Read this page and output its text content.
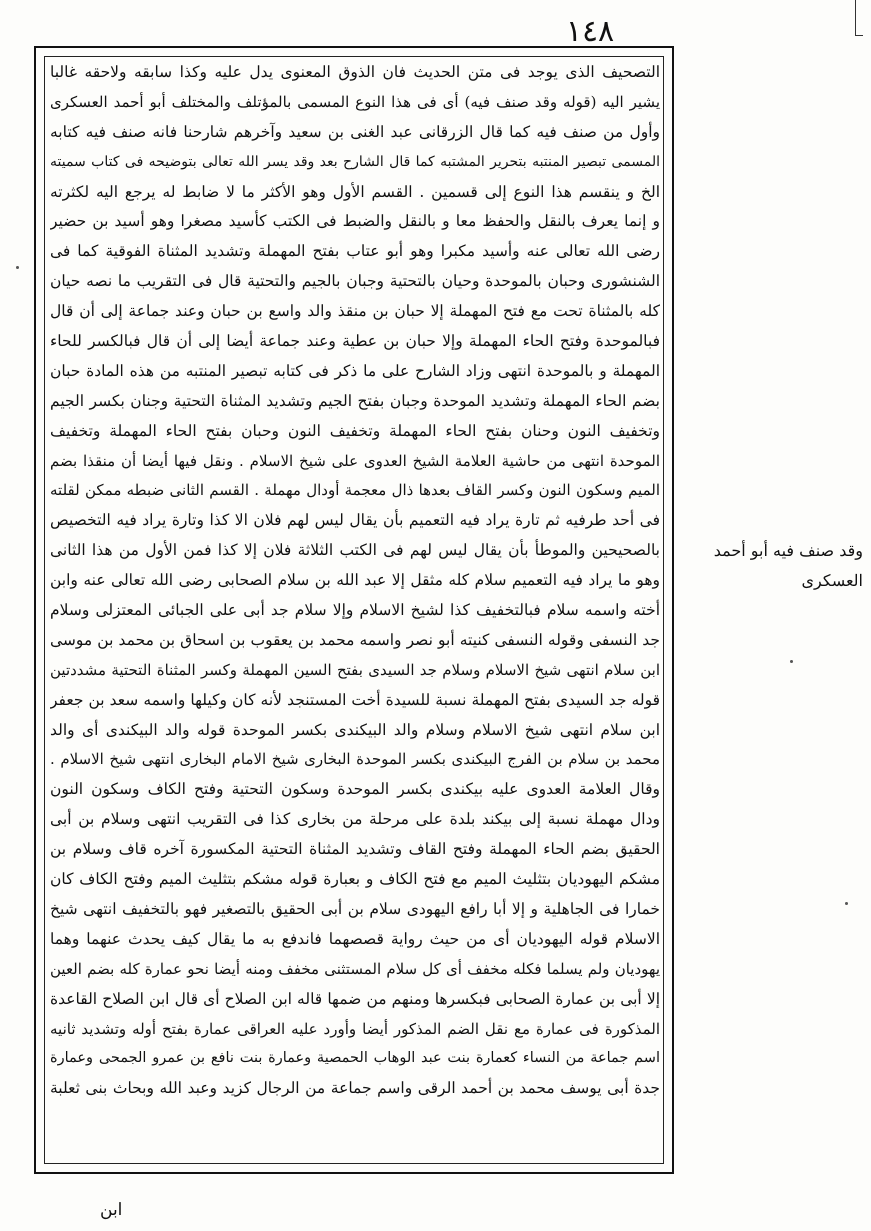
١٤٨
التصحيف الذى يوجد فى متن الحديث فان الذوق المعنوى يدل عليه وكذا سابقه ولاحقه غالبا
يشير اليه (قوله وقد صنف فيه) أى فى هذا النوع المسمى بالمؤتلف والمختلف أبو أحمد العسكرى
وأول من صنف فيه كما قال الزرقانى عبد الغنى بن سعيد وآخرهم شارحنا فانه صنف فيه كتابه
المسمى تبصير المنتبه بتحرير المشتبه كما قال الشارح بعد وقد يسر الله تعالى بتوضيحه فى كتاب سميته
الخ و ينقسم هذا النوع إلى قسمين . القسم الأول وهو الأكثر ما لا ضابط له يرجع اليه لكثرته
و إنما يعرف بالنقل والحفظ معا و بالنقل والضبط فى الكتب كأسيد مصغرا وهو أسيد بن حضير
رضى الله تعالى عنه وأسيد مكبرا وهو أبو عتاب بفتح المهملة وتشديد المثناة الفوقية كما فى
الشنشورى وحبان بالموحدة وحيان بالتحتية وجبان بالجيم والتحتية قال فى التقريب ما نصه حيان
كله بالمثناة تحت مع فتح المهملة إلا حبان بن منقذ والد واسع بن حبان وعند جماعة إلى أن قال
فبالموحدة وفتح الحاء المهملة وإلا حبان بن عطية وعند جماعة أيضا إلى أن قال فبالكسر للحاء
المهملة و بالموحدة انتهى وزاد الشارح على ما ذكر فى كتابه تبصير المنتبه من هذه المادة حبان
بضم الحاء المهملة وتشديد الموحدة وجبان بفتح الجيم وتشديد المثناة التحتية وجنان بكسر الجيم
وتخفيف النون وحنان بفتح الحاء المهملة وتخفيف النون وحبان بفتح الحاء المهملة وتخفيف
الموحدة انتهى من حاشية العلامة الشيخ العدوى على شيخ الاسلام . ونقل فيها أيضا أن منقذا بضم
الميم وسكون النون وكسر القاف بعدها ذال معجمة أودال مهملة . القسم الثانى ضبطه ممكن لقلته
فى أحد طرفيه ثم تارة يراد فيه التعميم بأن يقال ليس لهم فلان الا كذا وتارة يراد فيه التخصيص
بالصحيحين والموطأ بأن يقال ليس لهم فى الكتب الثلاثة فلان إلا كذا فمن الأول من هذا الثانى
وهو ما يراد فيه التعميم سلام كله مثقل إلا عبد الله بن سلام الصحابى رضى الله تعالى عنه وابن
أخته واسمه سلام فبالتخفيف كذا لشيخ الاسلام وإلا سلام جد أبى على الجبائى المعتزلى وسلام
جد النسفى وقوله النسفى كنيته أبو نصر واسمه محمد بن يعقوب بن اسحاق بن محمد بن موسى
ابن سلام انتهى شيخ الاسلام وسلام جد السيدى بفتح السين المهملة وكسر المثناة التحتية مشددتين
قوله جد السيدى بفتح المهملة نسبة للسيدة أخت المستنجد لأنه كان وكيلها واسمه سعد بن جعفر
ابن سلام انتهى شيخ الاسلام وسلام والد البيكندى بكسر الموحدة قوله والد البيكندى أى والد
محمد بن سلام بن الفرج البيكندى بكسر الموحدة البخارى شيخ الامام البخارى انتهى شيخ الاسلام .
وقال العلامة العدوى عليه بيكندى بكسر الموحدة وسكون التحتية وفتح الكاف وسكون النون
ودال مهملة نسبة إلى بيكند بلدة على مرحلة من بخارى كذا فى التقريب انتهى وسلام بن أبى
الحقيق بضم الحاء المهملة وفتح القاف وتشديد المثناة التحتية المكسورة آخره قاف وسلام بن
مشكم اليهوديان بتثليث الميم مع فتح الكاف و بعبارة قوله مشكم بتثليث الميم وفتح الكاف كان
خمارا فى الجاهلية و إلا أبا رافع اليهودى سلام بن أبى الحقيق بالتصغير فهو بالتخفيف انتهى شيخ
الاسلام قوله اليهوديان أى من حيث رواية قصصهما فاندفع به ما يقال كيف يحدث عنهما وهما
يهوديان ولم يسلما فكله مخفف أى كل سلام المستثنى مخفف ومنه أيضا نحو عمارة كله بضم العين
إلا أبى بن عمارة الصحابى فبكسرها ومنهم من ضمها قاله ابن الصلاح أى قال ابن الصلاح القاعدة
المذكورة فى عمارة مع نقل الضم المذكور أيضا وأورد عليه العراقى عمارة بفتح أوله وتشديد ثانيه
اسم جماعة من النساء كعمارة بنت عبد الوهاب الحمصية وعمارة بنت نافع بن عمرو الجمحى وعمارة
جدة أبى يوسف محمد بن أحمد الرقى واسم جماعة من الرجال كزيد وعبد الله وبحاث بنى ثعلبة
وقد صنف فيه أبو أحمد
العسكرى
ابن
